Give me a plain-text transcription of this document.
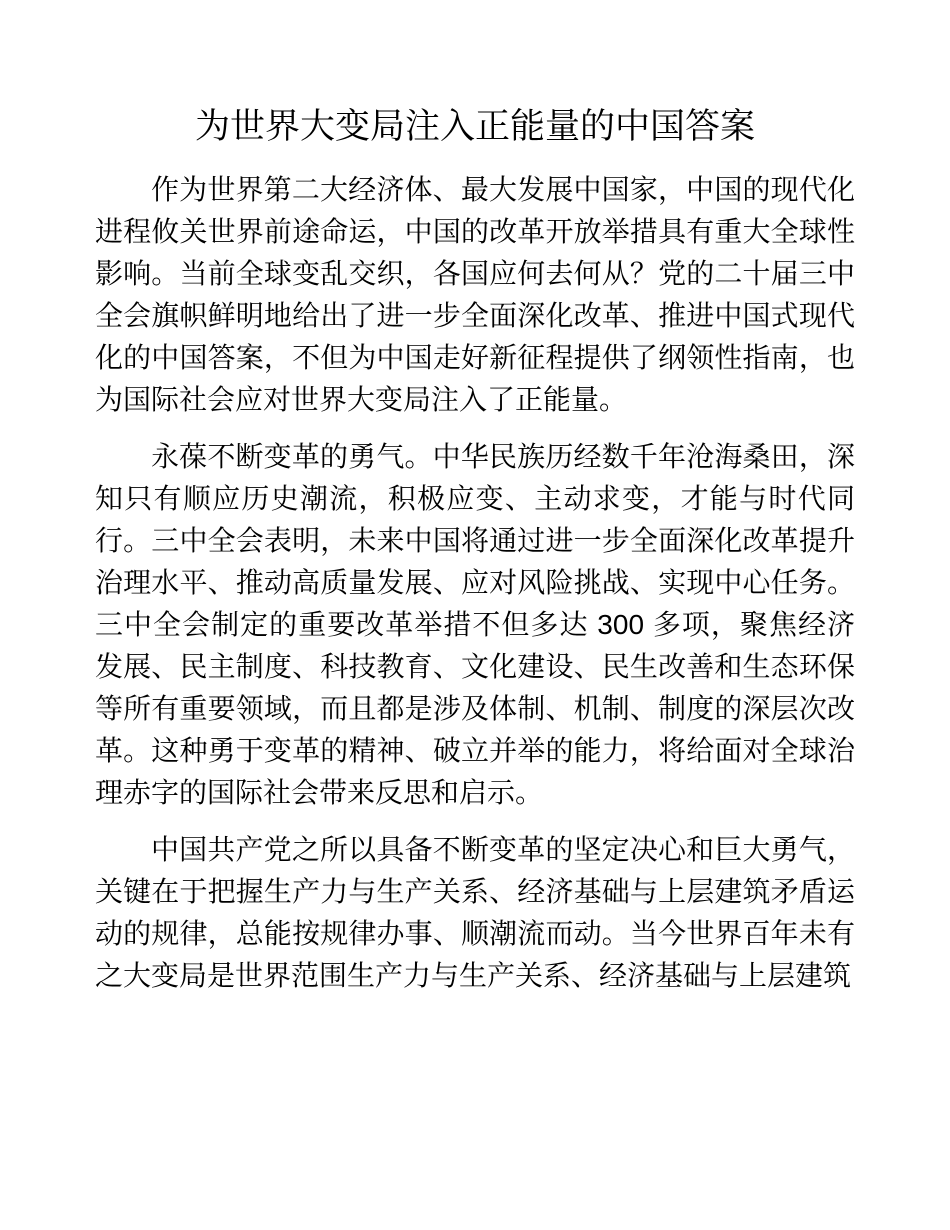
为世界大变局注入正能量的中国答案

作为世界第二大经济体、最大发展中国家，中国的现代化进程攸关世界前途命运，中国的改革开放举措具有重大全球性影响。当前全球变乱交织，各国应何去何从？党的二十届三中全会旗帜鲜明地给出了进一步全面深化改革、推进中国式现代化的中国答案，不但为中国走好新征程提供了纲领性指南，也为国际社会应对世界大变局注入了正能量。

永葆不断变革的勇气。中华民族历经数千年沧海桑田，深知只有顺应历史潮流，积极应变、主动求变，才能与时代同行。三中全会表明，未来中国将通过进一步全面深化改革提升治理水平、推动高质量发展、应对风险挑战、实现中心任务。三中全会制定的重要改革举措不但多达 300 多项，聚焦经济发展、民主制度、科技教育、文化建设、民生改善和生态环保等所有重要领域，而且都是涉及体制、机制、制度的深层次改革。这种勇于变革的精神、破立并举的能力，将给面对全球治理赤字的国际社会带来反思和启示。

中国共产党之所以具备不断变革的坚定决心和巨大勇气，关键在于把握生产力与生产关系、经济基础与上层建筑矛盾运动的规律，总能按规律办事、顺潮流而动。当今世界百年未有之大变局是世界范围生产力与生产关系、经济基础与上层建筑
